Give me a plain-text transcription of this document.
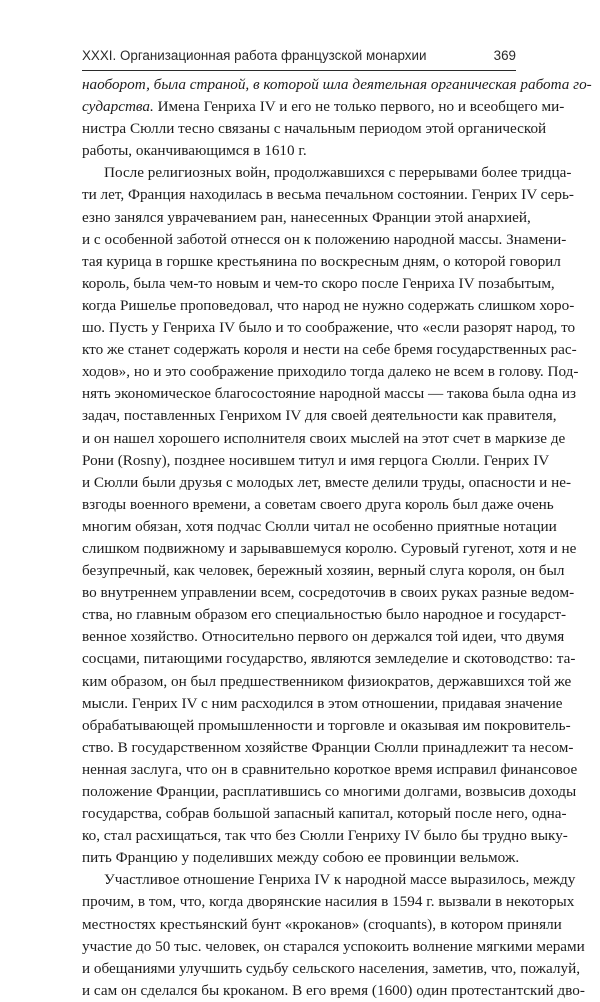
XXXI. Организационная работа французской монархии	369
наоборот, была страной, в которой шла деятельная органическая работа го-
сударства. Имена Генриха IV и его не только первого, но и всеобщего ми-
нистра Сюлли тесно связаны с начальным периодом этой органической
работы, оканчивающимся в 1610 г.
После религиозных войн, продолжавшихся с перерывами более тридца-
ти лет, Франция находилась в весьма печальном состоянии. Генрих IV серь-
езно занялся уврачеванием ран, нанесенных Франции этой анархией,
и с особенной заботой отнесся он к положению народной массы. Знамени-
тая курица в горшке крестьянина по воскресным дням, о которой говорил
король, была чем-то новым и чем-то скоро после Генриха IV позабытым,
когда Ришелье проповедовал, что народ не нужно содержать слишком хоро-
шо. Пусть у Генриха IV было и то соображение, что «если разорят народ, то
кто же станет содержать короля и нести на себе бремя государственных рас-
ходов», но и это соображение приходило тогда далеко не всем в голову. Под-
нять экономическое благосостояние народной массы — такова была одна из
задач, поставленных Генрихом IV для своей деятельности как правителя,
и он нашел хорошего исполнителя своих мыслей на этот счет в маркизе де
Рони (Rosny), позднее носившем титул и имя герцога Сюлли. Генрих IV
и Сюлли были друзья с молодых лет, вместе делили труды, опасности и не-
взгоды военного времени, а советам своего друга король был даже очень
многим обязан, хотя подчас Сюлли читал не особенно приятные нотации
слишком подвижному и зарывавшемуся королю. Суровый гугенот, хотя и не
безупречный, как человек, бережный хозяин, верный слуга короля, он был
во внутреннем управлении всем, сосредоточив в своих руках разные ведом-
ства, но главным образом его специальностью было народное и государст-
венное хозяйство. Относительно первого он держался той идеи, что двумя
сосцами, питающими государство, являются земледелие и скотоводство: та-
ким образом, он был предшественником физиократов, державшихся той же
мысли. Генрих IV с ним расходился в этом отношении, придавая значение
обрабатывающей промышленности и торговле и оказывая им покровитель-
ство. В государственном хозяйстве Франции Сюлли принадлежит та несом-
ненная заслуга, что он в сравнительно короткое время исправил финансовое
положение Франции, расплатившись со многими долгами, возвысив доходы
государства, собрав большой запасный капитал, который после него, одна-
ко, стал расхищаться, так что без Сюлли Генриху IV было бы трудно выку-
пить Францию у поделивших между собою ее провинции вельмож.
Участливое отношение Генриха IV к народной массе выразилось, между
прочим, в том, что, когда дворянские насилия в 1594 г. вызвали в некоторых
местностях крестьянский бунт «кроканов» (croquants), в котором приняли
участие до 50 тыс. человек, он старался успокоить волнение мягкими мерами
и обещаниями улучшить судьбу сельского населения, заметив, что, пожалуй,
и сам он сделался бы кроканом. В его время (1600) один протестантский дво-
